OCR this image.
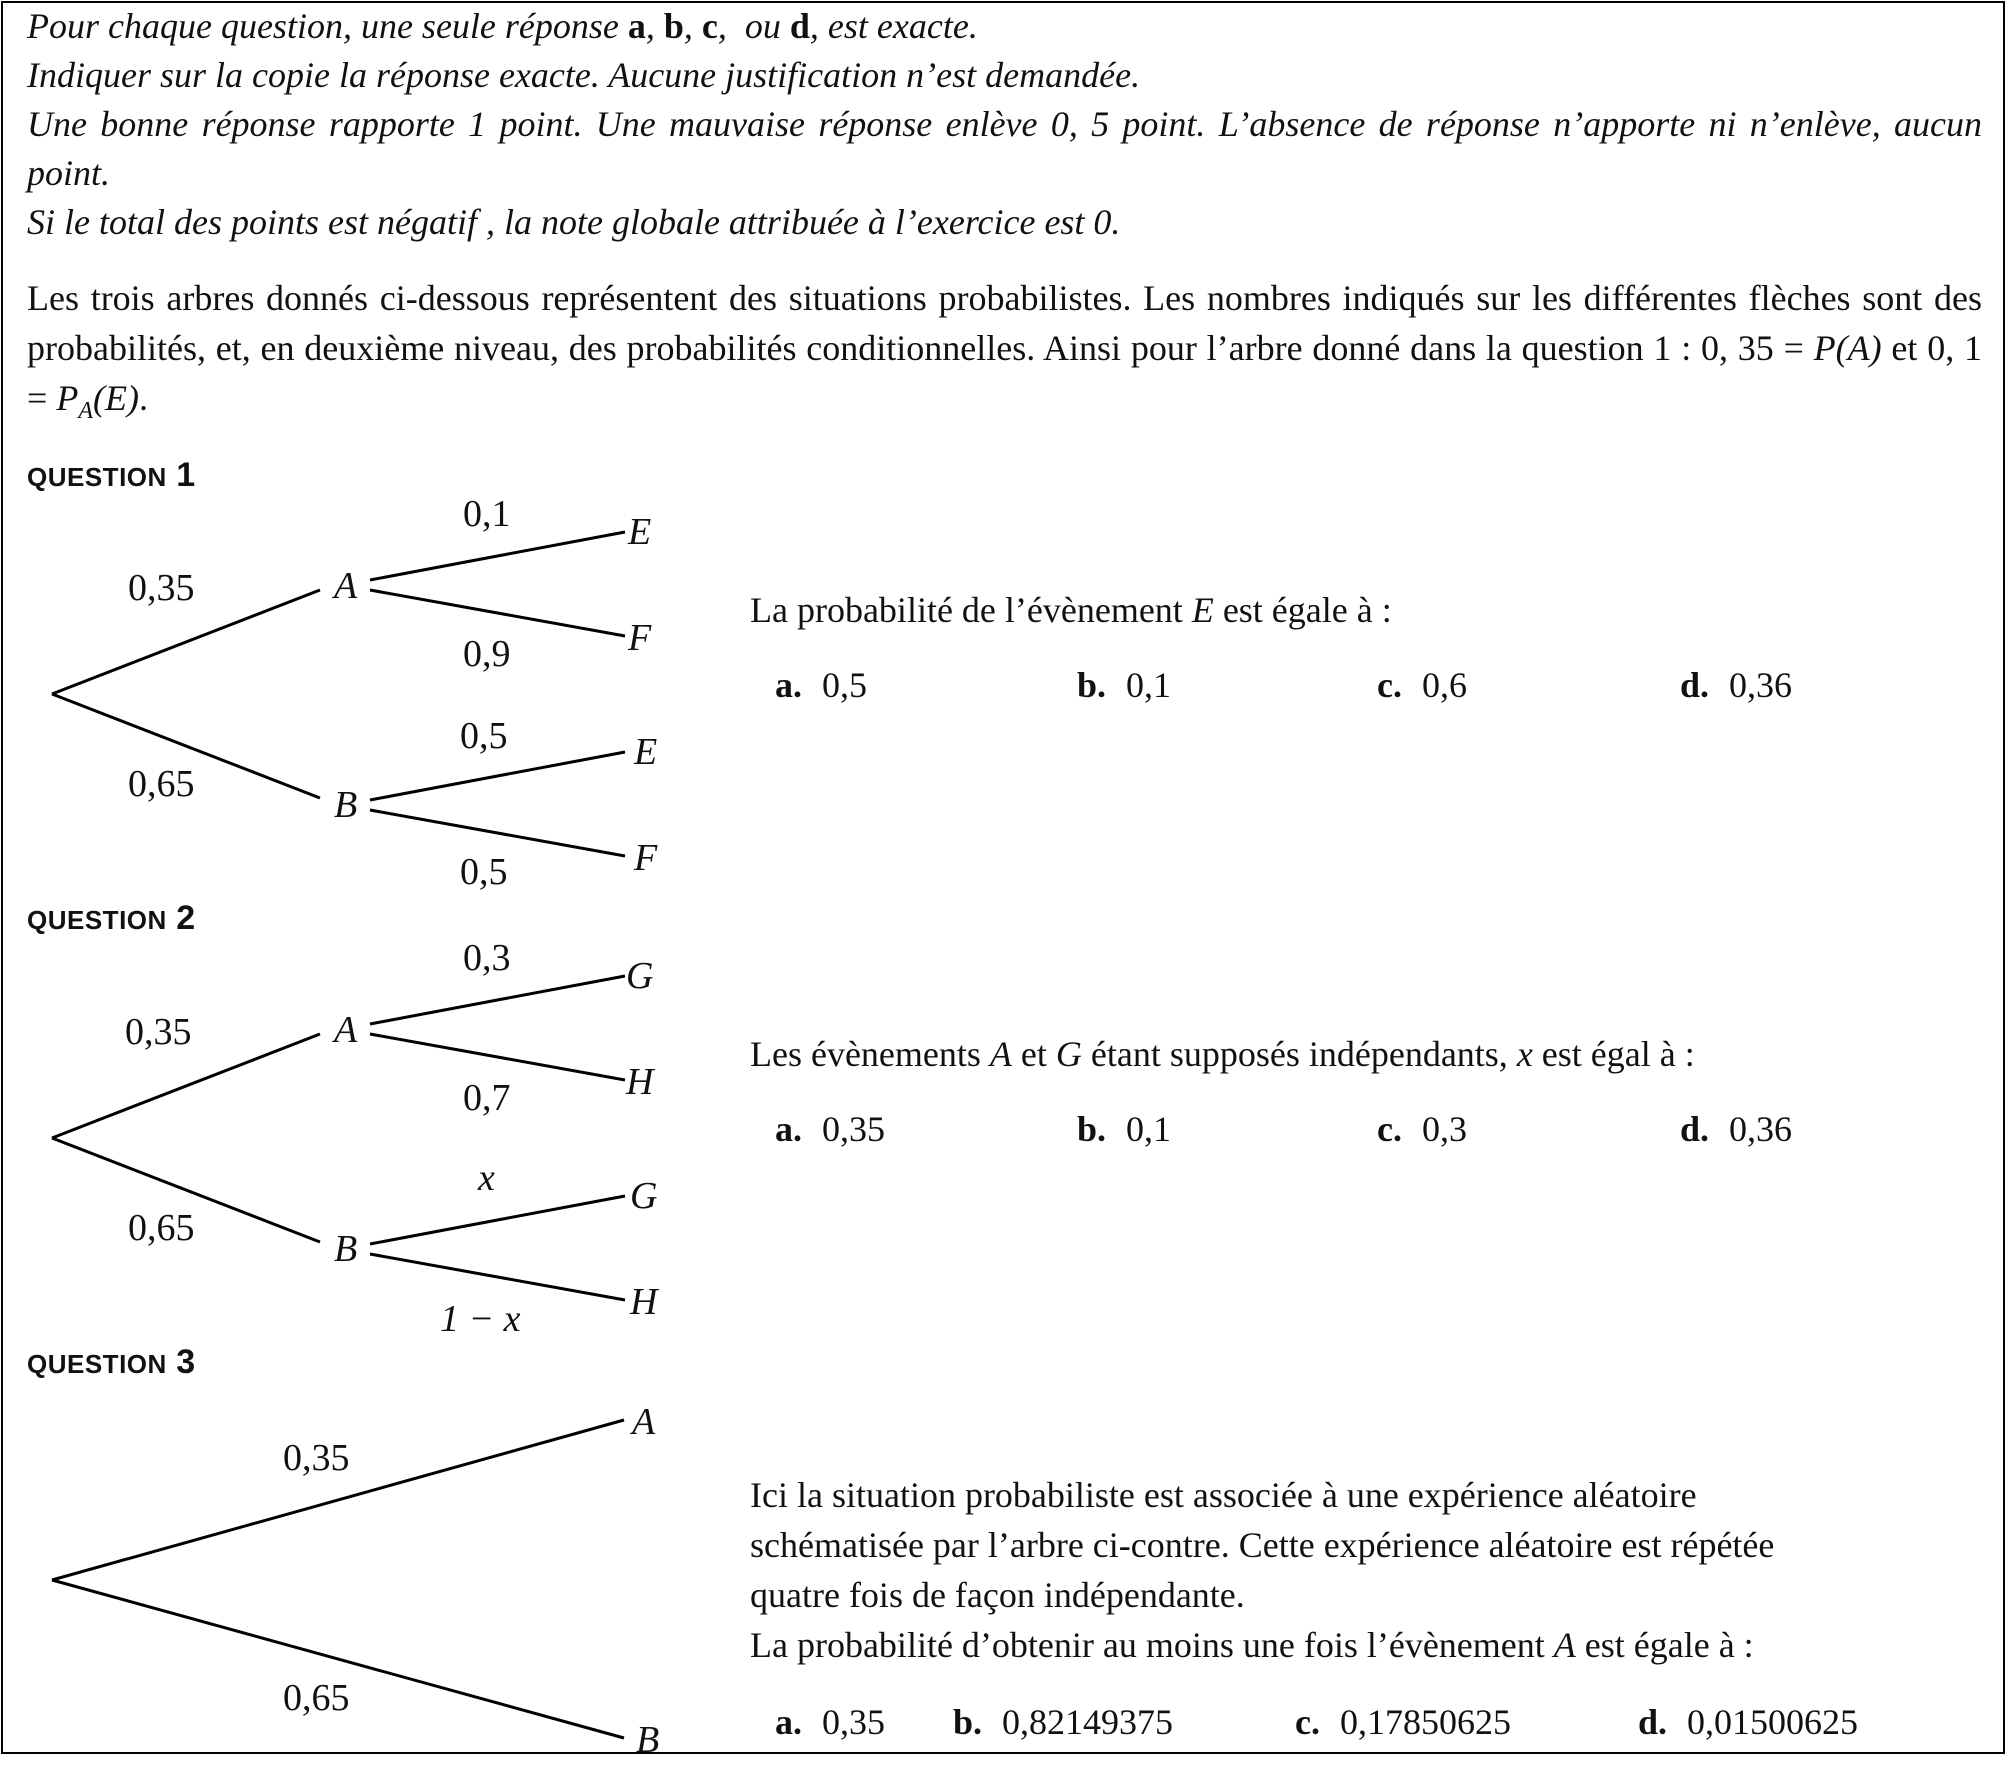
Pour chaque question, une seule réponse a, b, c,  ou d, est exacte.

Indiquer sur la copie la réponse exacte. Aucune justification n’est demandée.

Une bonne réponse rapporte 1 point. Une mauvaise réponse enlève 0, 5 point. L’absence de réponse n’apporte ni n’enlève, aucun point.

Si le total des points est négatif , la note globale attribuée à l’exercice est 0.

Les trois arbres donnés ci-dessous représentent des situations probabilistes. Les nombres indiqués sur les différentes flèches sont des probabilités, et, en deuxième niveau, des probabilités conditionnelles. Ainsi pour l’arbre donné dans la question 1 : 0, 35 = P(A) et 0, $1 = P_A(E)$.
QUESTION 1
0,35
0,65
A
B
0,1
0,9
0,5
0,5
E
F
E
F
La probabilité de l’évènement E est égale à :
a. 0,5	b. 0,1	c. 0,6	d. 0,36
QUESTION 2
0,35
0,65
A
B
0,3
0,7
x
1 − x
G
H
G
H
Les évènements A et G étant supposés indépendants, x est égal à :
a. 0,35	b. 0,1	c. 0,3	d. 0,36
QUESTION 3
0,35
0,65
A
B
Ici la situation probabiliste est associée à une expérience aléatoire
schématisée par l’arbre ci-contre. Cette expérience aléatoire est répétée
quatre fois de façon indépendante.
La probabilité d’obtenir au moins une fois l’évènement A est égale à :
a. 0,35 b. 0,82149375	c. 0,17850625	d. 0,01500625
